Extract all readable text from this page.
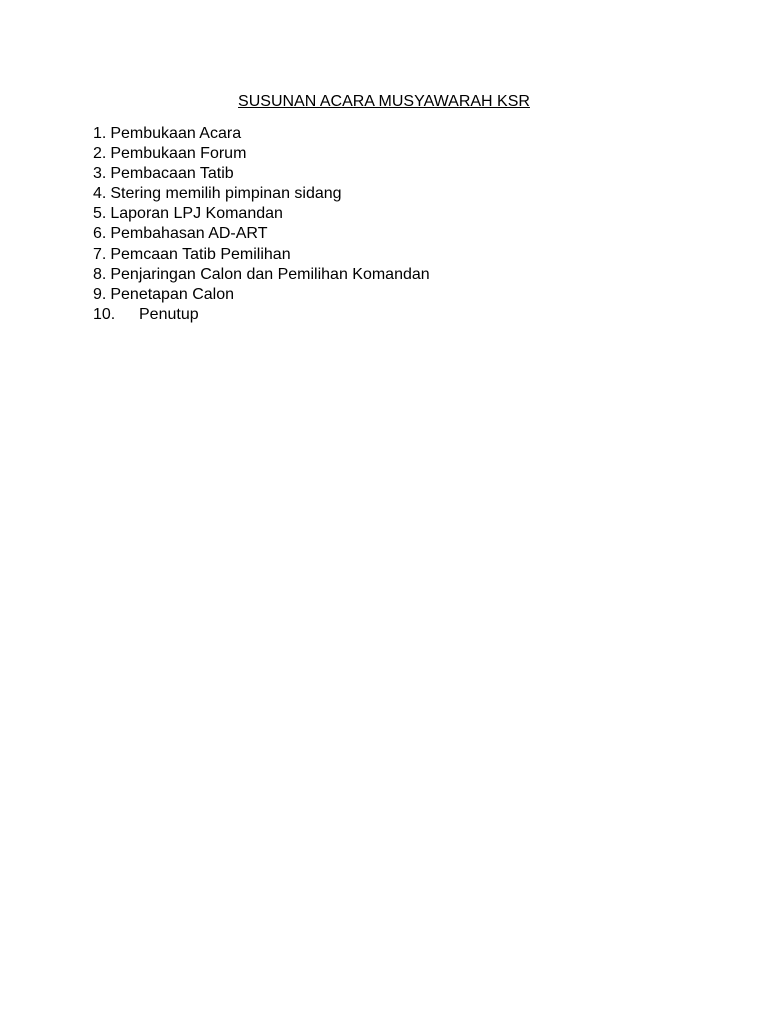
SUSUNAN ACARA MUSYAWARAH KSR
1. Pembukaan Acara
2. Pembukaan Forum
3. Pembacaan Tatib
4. Stering memilih pimpinan sidang
5. Laporan LPJ Komandan
6. Pembahasan AD-ART
7. Pemcaan Tatib Pemilihan
8. Penjaringan Calon dan Pemilihan Komandan
9. Penetapan Calon
10.	Penutup
